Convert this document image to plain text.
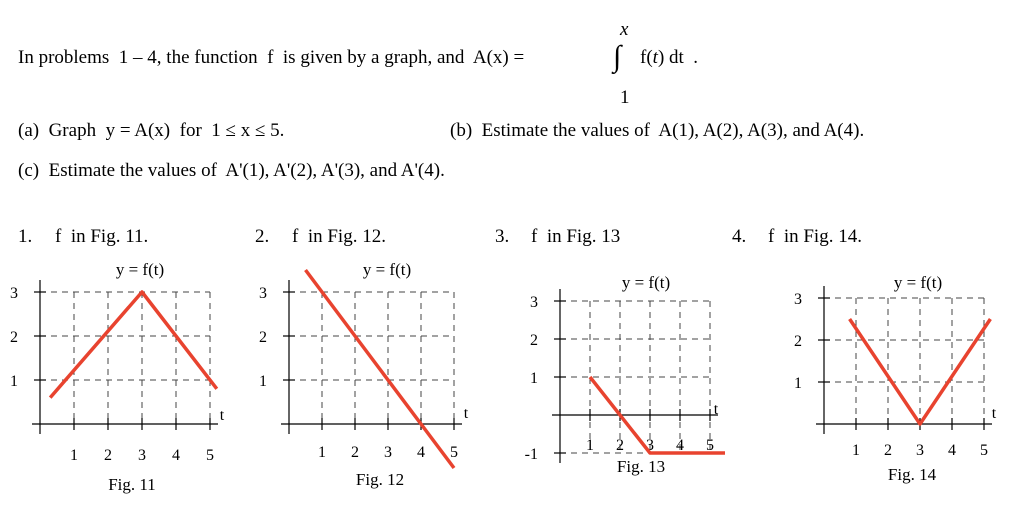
In problems  1 – 4, the function  f  is given by a graph, and  A(x) =
x
∫
1
f(t) dt  .
(a)  Graph  y = A(x)  for  1 ≤ x ≤ 5.	(b)  Estimate the values of  A(1), A(2), A(3), and A(4).
(c)  Estimate the values of  A'(1), A'(2), A'(3), and A'(4).
1. f  in Fig. 11.	2. f  in Fig. 12.	3. f  in Fig. 13	4. f  in Fig. 14.
1 2 3 4 5
1
2
3
t
y = f(t)
Fig. 11
1 2 3 4 5
1
2
3
t
y = f(t)
Fig. 12
1 2 3 4 5
-1
1
2
3
t
y = f(t)
Fig. 13
1 2 3 4 5
1
2
3
t
y = f(t)
Fig. 14
